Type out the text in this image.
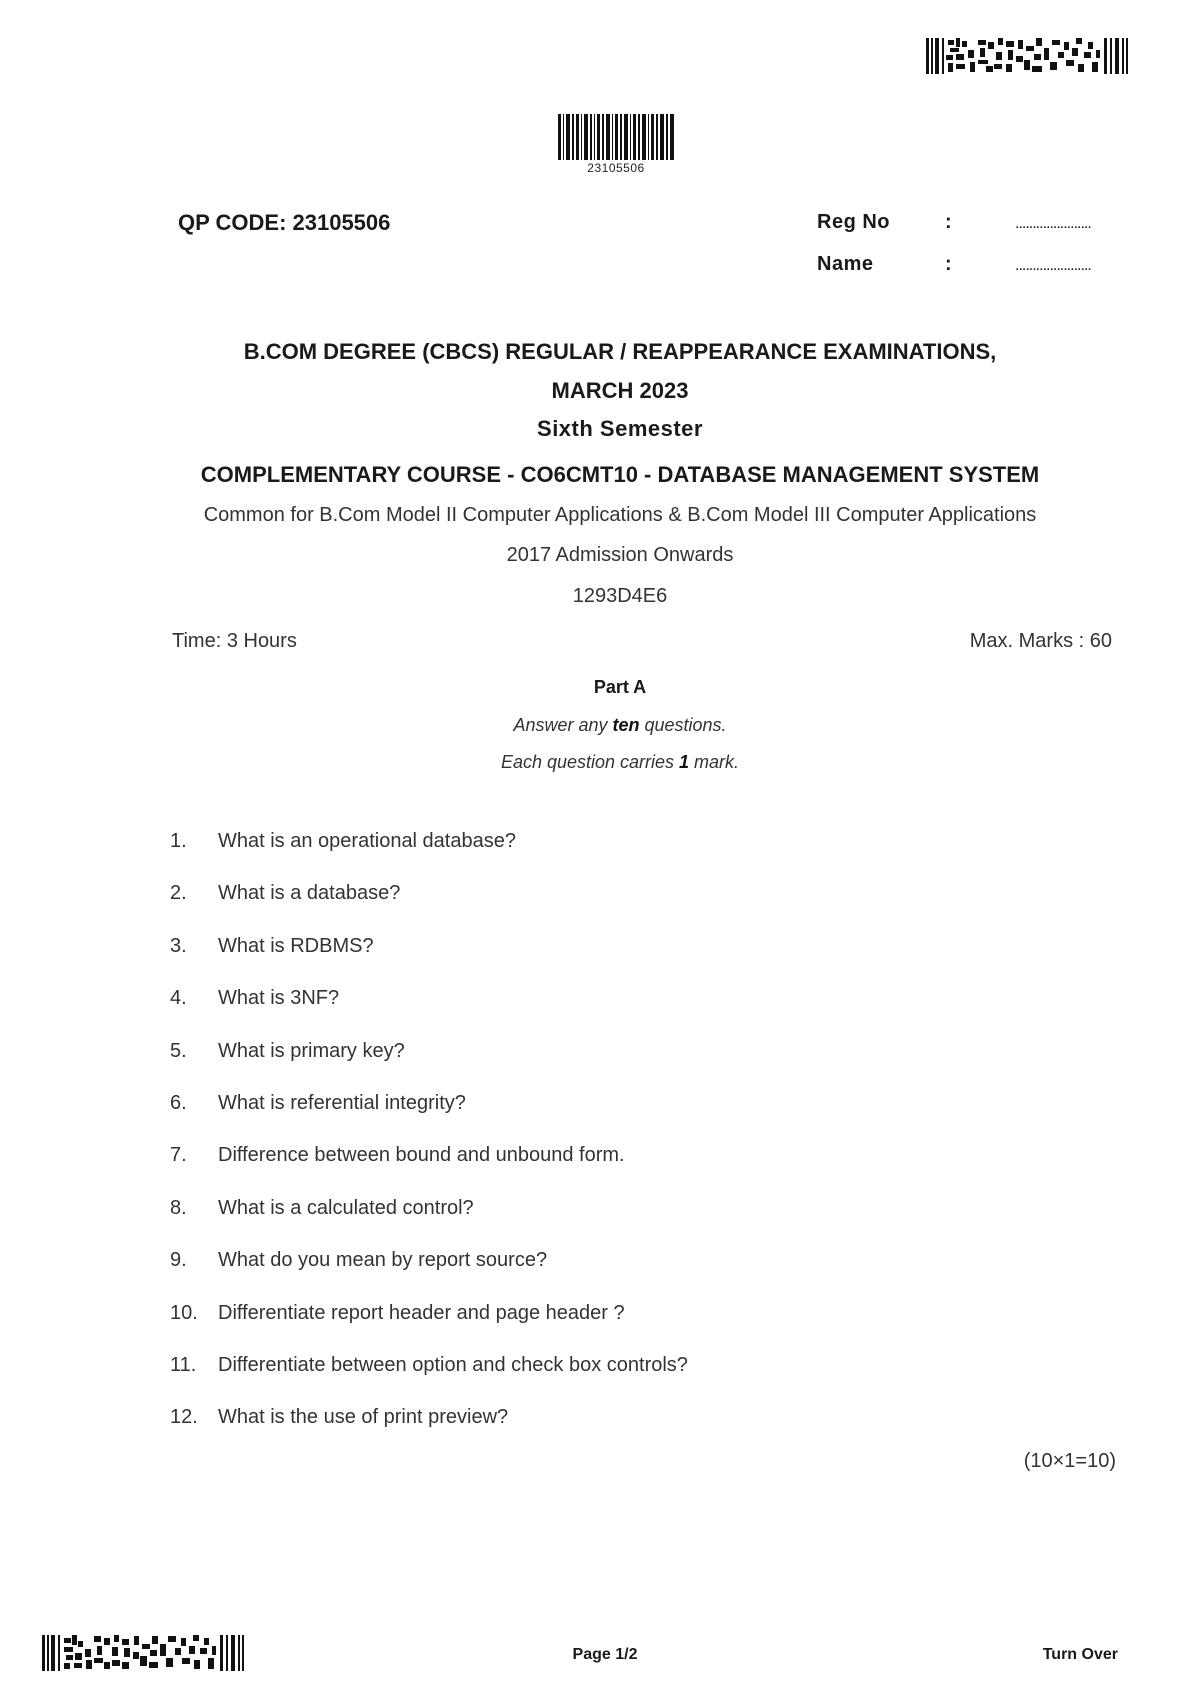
23105506
QP CODE: 23105506	Reg No	:	......................
Name	:	......................
B.COM DEGREE (CBCS) REGULAR / REAPPEARANCE EXAMINATIONS,
MARCH 2023
Sixth Semester
COMPLEMENTARY COURSE - CO6CMT10 - DATABASE MANAGEMENT SYSTEM
Common for B.Com Model II Computer Applications & B.Com Model III Computer Applications
2017 Admission Onwards
1293D4E6
Time: 3 Hours	Max. Marks : 60
Part A
Answer any ten questions.
Each question carries 1 mark.
1.	What is an operational database?
2.	What is a database?
3.	What is RDBMS?
4.	What is 3NF?
5.	What is primary key?
6.	What is referential integrity?
7.	Difference between bound and unbound form.
8.	What is a calculated control?
9.	What do you mean by report source?
10.	Differentiate report header and page header ?
11.	Differentiate between option and check box controls?
12.	What is the use of print preview?
(10×1=10)
Page 1/2	Turn Over
